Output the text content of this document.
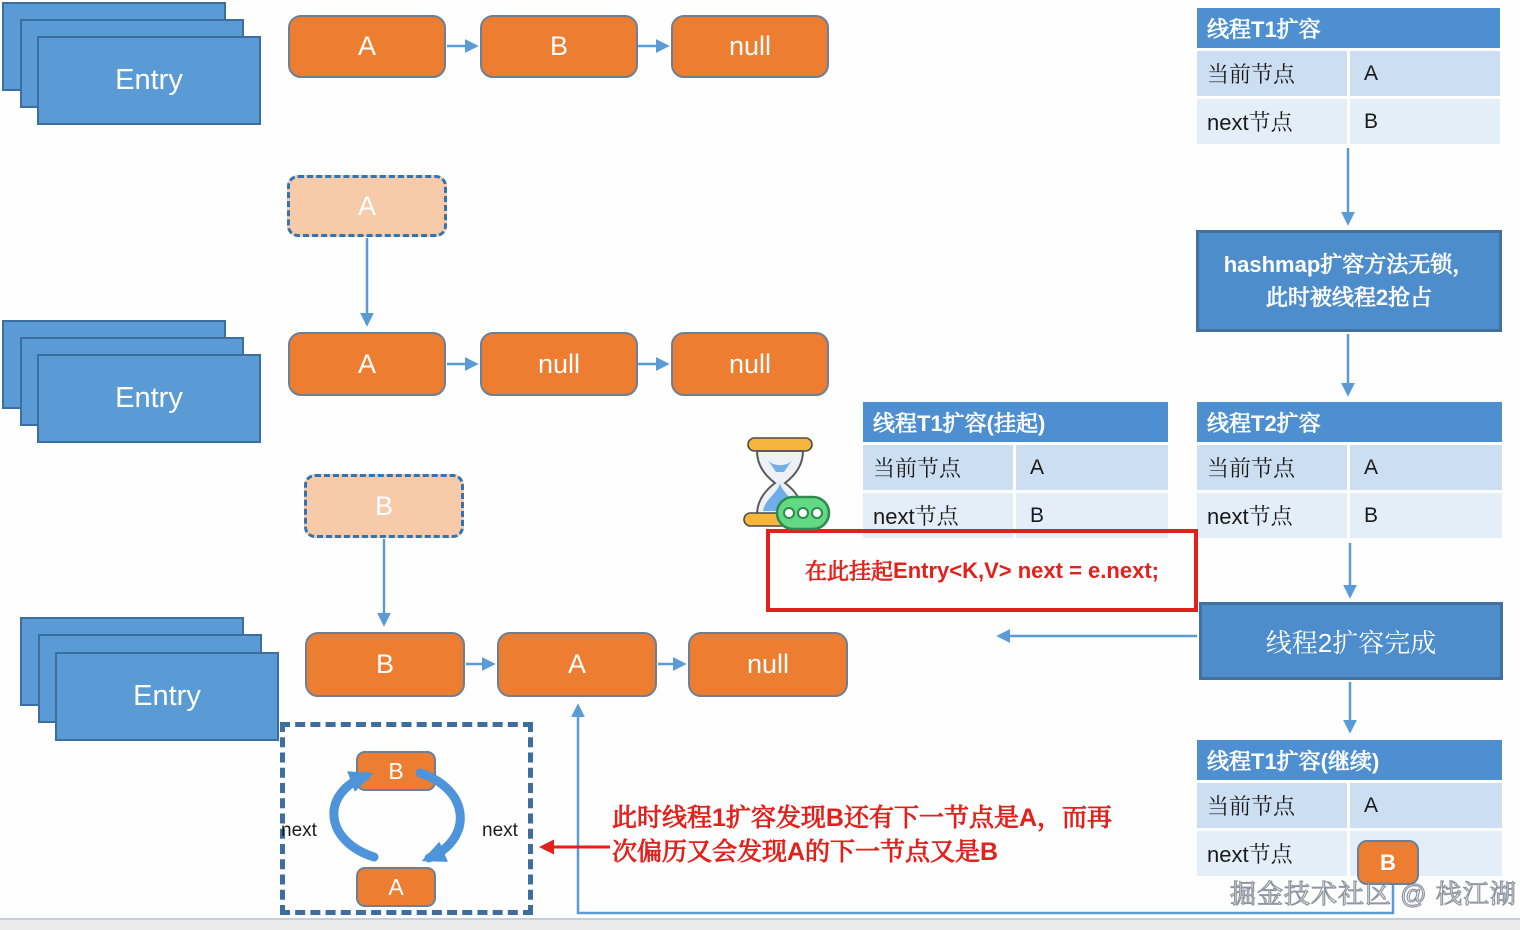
Entry
Entry
Entry
A	B	null
A
A	null	null
B
B	A	null
B
A
next	next
线程T1扩容
当前节点	A
next节点	B
hashmap扩容方法无锁，
此时被线程2抢占
线程T2扩容
当前节点	A
next节点	B
线程T1扩容(挂起)
当前节点	A
next节点	B
线程2扩容完成
线程T1扩容(继续)
当前节点	A
next节点	B
在此挂起 Entry<K,V> next = e.next;
此时线程1扩容发现B还有下一节点是A，而再
次偏历又会发现A的下一节点又是B
掘金技术社区 @ 栈江湖
